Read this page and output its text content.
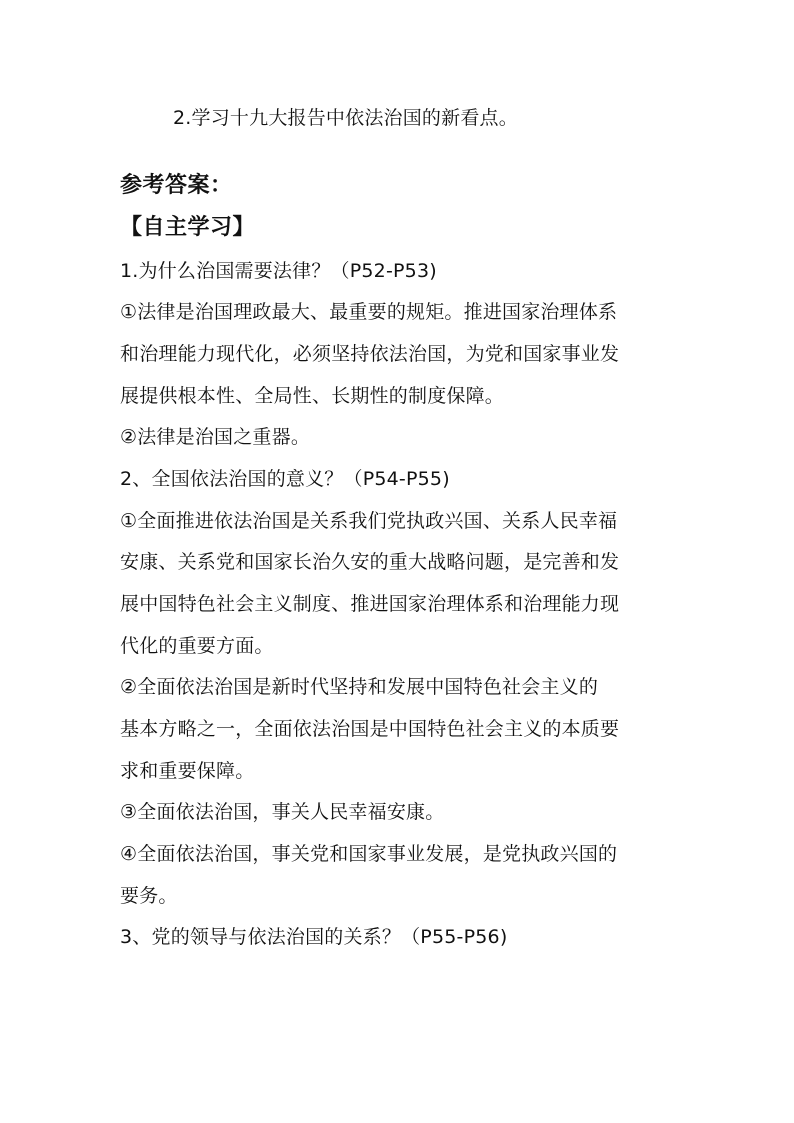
2.学习十九大报告中依法治国的新看点。
参考答案：
【自主学习】
1.为什么治国需要法律？（P52-P53)
①法律是治国理政最大、最重要的规矩。推进国家治理体系
和治理能力现代化，必须坚持依法治国，为党和国家事业发
展提供根本性、全局性、长期性的制度保障。
②法律是治国之重器。
2、全国依法治国的意义？（P54-P55)
①全面推进依法治国是关系我们党执政兴国、关系人民幸福
安康、关系党和国家长治久安的重大战略问题，是完善和发
展中国特色社会主义制度、推进国家治理体系和治理能力现
代化的重要方面。
②全面依法治国是新时代坚持和发展中国特色社会主义的
基本方略之一，全面依法治国是中国特色社会主义的本质要
求和重要保障。
③全面依法治国，事关人民幸福安康。
④全面依法治国，事关党和国家事业发展，是党执政兴国的
要务。
3、党的领导与依法治国的关系？（P55-P56)
